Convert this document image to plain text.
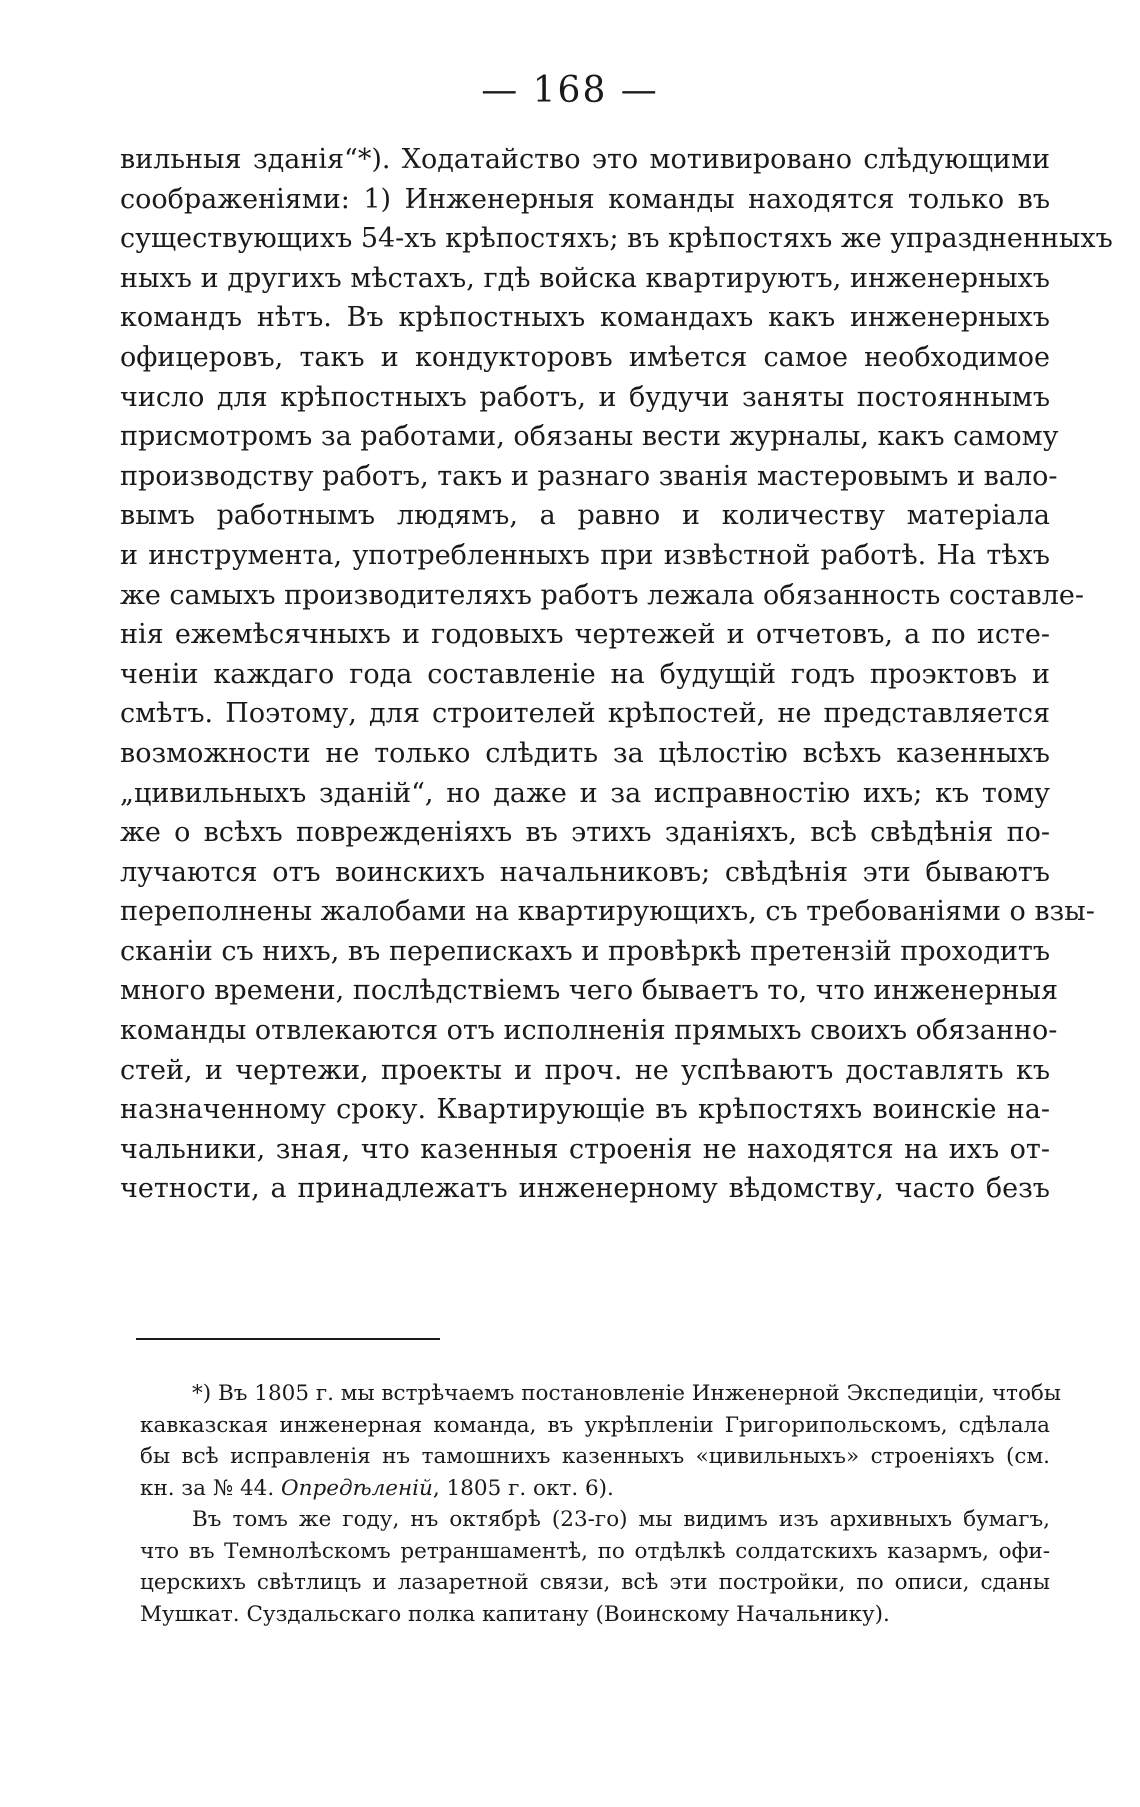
— 168 —
вильныя зданія“*). Ходатайство это мотивировано слѣдующими
соображеніями: 1) Инженерныя команды находятся только въ
существующихъ 54-хъ крѣпостяхъ; въ крѣпостяхъ же упраздненныхъ
ныхъ и другихъ мѣстахъ, гдѣ войска квартируютъ, инженерныхъ
командъ нѣтъ. Въ крѣпостныхъ командахъ какъ инженерныхъ
офицеровъ, такъ и кондукторовъ имѣется самое необходимое
число для крѣпостныхъ работъ, и будучи заняты постояннымъ
присмотромъ за работами, обязаны вести журналы, какъ самому
производству работъ, такъ и разнаго званія мастеровымъ и вало-
вымъ работнымъ людямъ, а равно и количеству матеріала
и инструмента, употребленныхъ при извѣстной работѣ. На тѣхъ
же самыхъ производителяхъ работъ лежала обязанность составле-
нія ежемѣсячныхъ и годовыхъ чертежей и отчетовъ, а по исте-
ченіи каждаго года составленіе на будущій годъ проэктовъ и
смѣтъ. Поэтому, для строителей крѣпостей, не представляется
возможности не только слѣдить за цѣлостію всѣхъ казенныхъ
„цивильныхъ зданій“, но даже и за исправностію ихъ; къ тому
же о всѣхъ поврежденіяхъ въ этихъ зданіяхъ, всѣ свѣдѣнія по-
лучаются отъ воинскихъ начальниковъ; свѣдѣнія эти бываютъ
переполнены жалобами на квартирующихъ, съ требованіями о взы-
сканіи съ нихъ, въ перепискахъ и провѣркѣ претензій проходитъ
много времени, послѣдствіемъ чего бываетъ то, что инженерныя
команды отвлекаются отъ исполненія прямыхъ своихъ обязанно-
стей, и чертежи, проекты и проч. не успѣваютъ доставлять къ
назначенному сроку. Квартирующіе въ крѣпостяхъ воинскіе на-
чальники, зная, что казенныя строенія не находятся на ихъ от-
четности, а принадлежатъ инженерному вѣдомству, часто безъ
*) Въ 1805 г. мы встрѣчаемъ постановленіе Инженерной Экспедиціи, чтобы
кавказская инженерная команда, въ укрѣпленіи Григорипольскомъ, сдѣлала
бы всѣ исправленія нъ тамошнихъ казенныхъ «цивильныхъ» строеніяхъ (см.
кн. за № 44. Опредѣленій, 1805 г. окт. 6).
Въ томъ же году, нъ октябрѣ (23-го) мы видимъ изъ архивныхъ бумагъ,
что въ Темнолѣскомъ ретраншаментѣ, по отдѣлкѣ солдатскихъ казармъ, офи-
церскихъ свѣтлицъ и лазаретной связи, всѣ эти постройки, по описи, сданы
Мушкат. Суздальскаго полка капитану (Воинскому Начальнику).
